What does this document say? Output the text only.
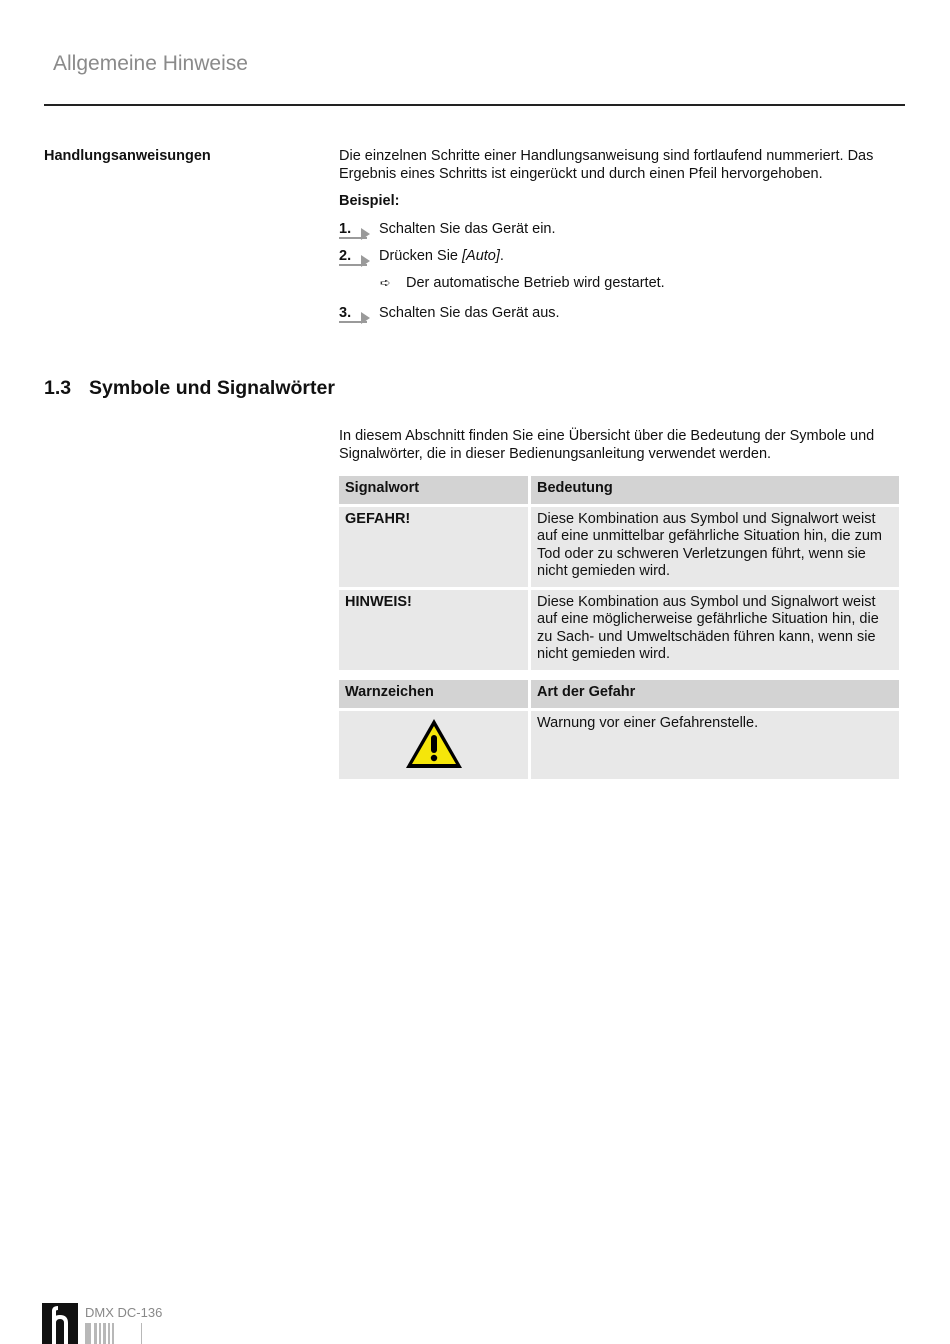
Allgemeine Hinweise
Handlungsanweisungen	Die einzelnen Schritte einer Handlungsanweisung sind fortlaufend nummeriert. Das Ergebnis eines Schritts ist eingerückt und durch einen Pfeil hervorgehoben.
Beispiel:
1. Schalten Sie das Gerät ein.
2. Drücken Sie [Auto].
➪ Der automatische Betrieb wird gestartet.
3. Schalten Sie das Gerät aus.
1.3 Symbole und Signalwörter
In diesem Abschnitt finden Sie eine Übersicht über die Bedeutung der Symbole und Signalwörter, die in dieser Bedienungsanleitung verwendet werden.
Signalwort	Bedeutung
GEFAHR!	Diese Kombination aus Symbol und Signalwort weist auf eine unmittelbar gefährliche Situation hin, die zum Tod oder zu schweren Verletzungen führt, wenn sie nicht gemieden wird.
HINWEIS!	Diese Kombination aus Symbol und Signalwort weist auf eine möglicherweise gefährliche Situation hin, die zu Sach- und Umweltschäden führen kann, wenn sie nicht gemieden wird.
Warnzeichen	Art der Gefahr

	Warnung vor einer Gefahrenstelle.
DMX DC-136
